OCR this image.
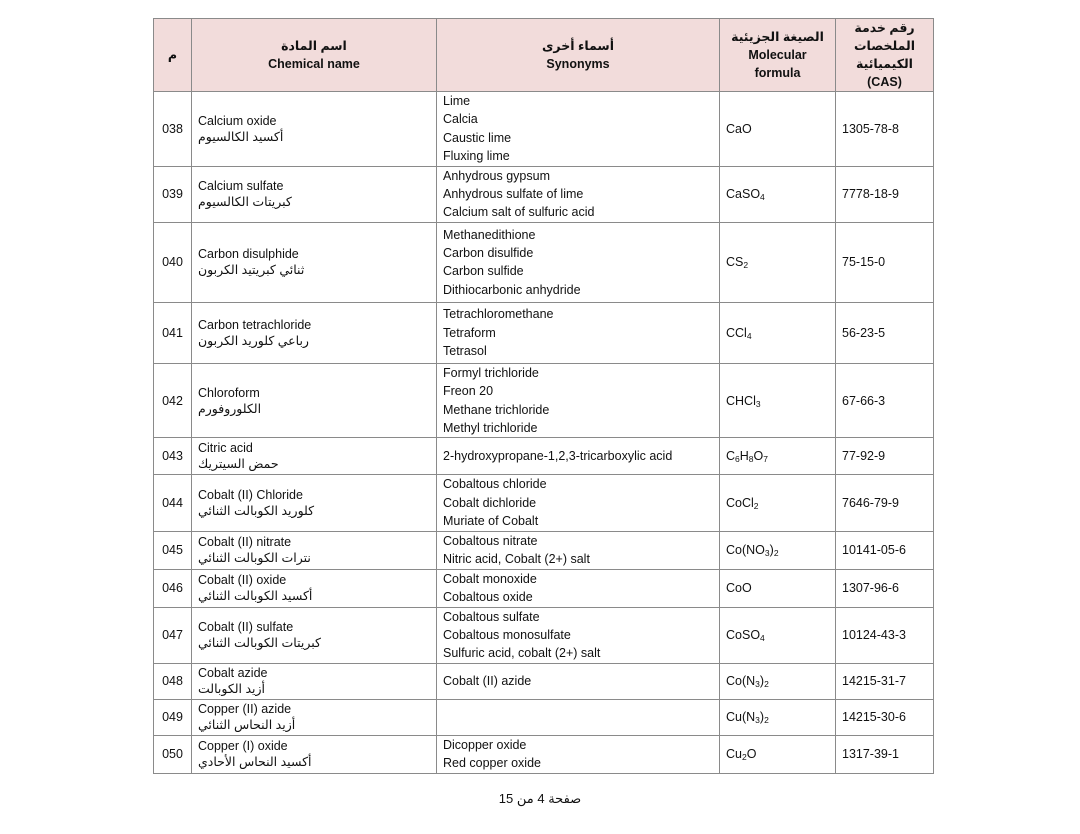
م	اسم المادة
Chemical name	أسماء أخرى
Synonyms	الصيغة الجزيئية
Molecular
formula	رقم خدمة
الملخصات
الكيميائية
(CAS)

038	Calcium oxide
أكسيد الكالسيوم	Lime
Calcia
Caustic lime
Fluxing lime	CaO	1305-78-8
039	Calcium sulfate
كبريتات الكالسيوم	Anhydrous gypsum
Anhydrous sulfate of lime
Calcium salt of sulfuric acid	CaSO$_4$	7778-18-9
040	Carbon disulphide
ثنائي كبريتيد الكربون	Methanedithione
Carbon disulfide
Carbon sulfide
Dithiocarbonic anhydride	$CS_2$	75-15-0
041	Carbon tetrachloride
رباعي كلوريد الكربون	Tetrachloromethane
Tetraform
Tetrasol	CCl$_4$	56-23-5
042	Chloroform
الكلوروفورم	Formyl trichloride
Freon 20
Methane trichloride
Methyl trichloride	CHCl$_3$	67-66-3
043	Citric acid
حمض السيتريك	2-hydroxypropane-1,2,3-tricarboxylic acid	$C_6H_8O_7$	77-92-9
044	Cobalt (II) Chloride
كلوريد الكوبالت الثنائي	Cobaltous chloride
Cobalt dichloride
Muriate of Cobalt	CoCl$_2$	7646-79-9
045	Cobalt (II) nitrate
نترات الكوبالت الثنائي	Cobaltous nitrate
Nitric acid, Cobalt (2+) salt	$Co(NO_3)_2$	10141-05-6
046	Cobalt (II) oxide
أكسيد الكوبالت الثنائي	Cobalt monoxide
Cobaltous oxide	CoO	1307-96-6
047	Cobalt (II) sulfate
كبريتات الكوبالت الثنائي	Cobaltous sulfate
Cobaltous monosulfate
Sulfuric acid, cobalt (2+) salt	CoSO$_4$	10124-43-3
048	Cobalt azide
أزيد الكوبالت	Cobalt (II) azide	$Co(N_3)_2$	14215-31-7
049	Copper (II) azide
أزيد النحاس الثنائي		$Cu(N_3)_2$	14215-30-6
050	Copper (I) oxide
أكسيد النحاس الأحادي	Dicopper oxide
Red copper oxide	$Cu_2O$	1317-39-1
صفحة 4 من 15
